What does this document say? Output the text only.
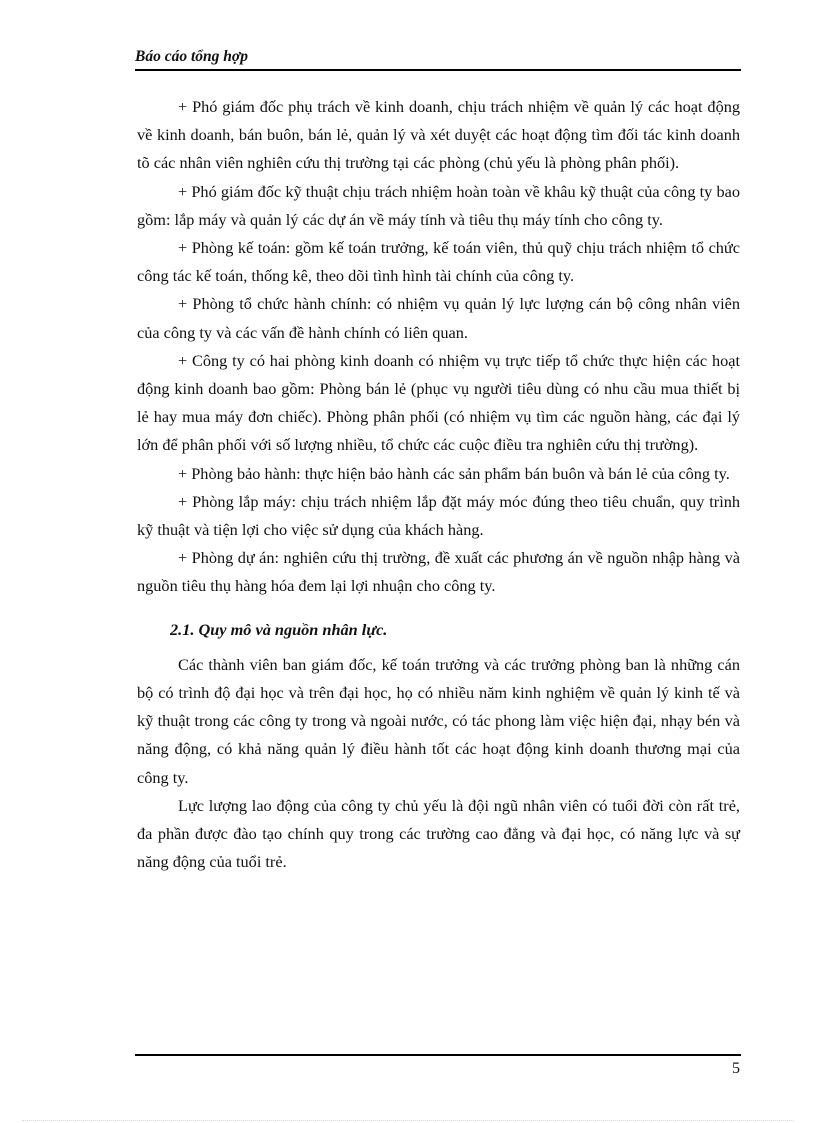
Báo cáo tổng hợp

+ Phó giám đốc phụ trách về kinh doanh, chịu trách nhiệm về quản lý các hoạt động về kinh doanh, bán buôn, bán lẻ, quản lý và xét duyệt các hoạt động tìm đối tác kinh doanh tõ các nhân viên nghiên cứu thị trường tại các phòng (chủ yếu là phòng phân phối).

+ Phó giám đốc kỹ thuật chịu trách nhiệm hoàn toàn về khâu kỹ thuật của công ty bao gồm: lắp máy và quản lý các dự án về máy tính và tiêu thụ máy tính cho công ty.

+ Phòng kế toán: gồm kế toán trưởng, kế toán viên, thủ quỹ chịu trách nhiệm tổ chức công tác kế toán, thống kê, theo dõi tình hình tài chính của công ty.

+ Phòng tổ chức hành chính: có nhiệm vụ quản lý lực lượng cán bộ công nhân viên của công ty và các vấn đề hành chính có liên quan.

+ Công ty có hai phòng kinh doanh có nhiệm vụ trực tiếp tổ chức thực hiện các hoạt động kinh doanh bao gồm: Phòng bán lẻ (phục vụ người tiêu dùng có nhu cầu mua thiết bị lẻ hay mua máy đơn chiếc). Phòng phân phối (có nhiệm vụ tìm các nguồn hàng, các đại lý lớn để phân phối với số lượng nhiều, tổ chức các cuộc điều tra nghiên cứu thị trường).

+ Phòng bảo hành: thực hiện bảo hành các sản phẩm bán buôn và bán lẻ của công ty.

+ Phòng lắp máy: chịu trách nhiệm lắp đặt máy móc đúng theo tiêu chuẩn, quy trình kỹ thuật và tiện lợi cho việc sử dụng của khách hàng.

+ Phòng dự án: nghiên cứu thị trường, đề xuất các phương án về nguồn nhập hàng và nguồn tiêu thụ hàng hóa đem lại lợi nhuận cho công ty.

2.1. Quy mô và nguồn nhân lực.

Các thành viên ban giám đốc, kế toán trưởng và các trưởng phòng ban là những cán bộ có trình độ đại học và trên đại học, họ có nhiều năm kinh nghiệm về quản lý kinh tế và kỹ thuật trong các công ty trong và ngoài nước, có tác phong làm việc hiện đại, nhạy bén và năng động, có khả năng quản lý điều hành tốt các hoạt động kinh doanh thương mại của công ty.

Lực lượng lao động của công ty chủ yếu là đội ngũ nhân viên có tuổi đời còn rất trẻ, đa phần được đào tạo chính quy trong các trường cao đẳng và đại học, có năng lực và sự năng động của tuổi trẻ.

5
